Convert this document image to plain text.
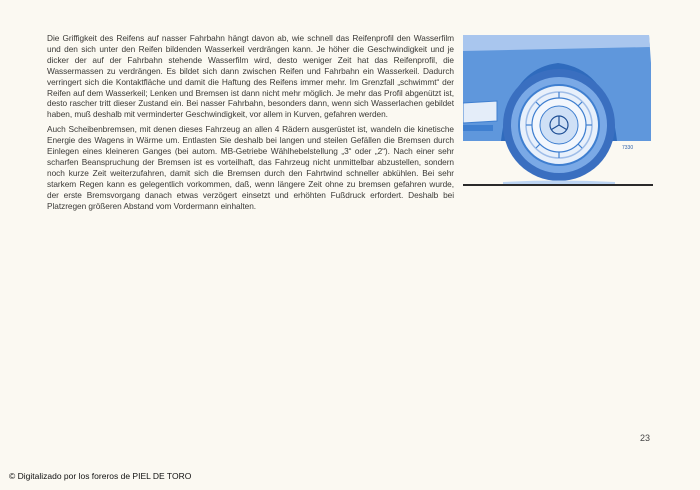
Die Griffigkeit des Reifens auf nasser Fahrbahn hängt davon ab, wie schnell das Reifenprofil den Wasserfilm und den sich unter den Reifen bildenden Wasserkeil verdrängen kann. Je höher die Geschwindigkeit und je dicker der auf der Fahrbahn stehende Wasserfilm wird, desto weniger Zeit hat das Reifenprofil, die Wassermassen zu verdrängen. Es bildet sich dann zwischen Reifen und Fahrbahn ein Wasserkeil. Dadurch verringert sich die Kontaktfläche und damit die Haftung des Reifens immer mehr. Im Grenzfall „schwimmt“ der Reifen auf dem Wasserkeil; Lenken und Bremsen ist dann nicht mehr möglich. Je mehr das Profil abgenützt ist, desto rascher tritt dieser Zustand ein. Bei nasser Fahrbahn, besonders dann, wenn sich Wasserlachen gebildet haben, muß deshalb mit verminderter Geschwindigkeit, vor allem in Kurven, gefahren werden.

Auch Scheibenbremsen, mit denen dieses Fahrzeug an allen 4 Rädern ausgerüstet ist, wandeln die kinetische Energie des Wagens in Wärme um. Entlasten Sie deshalb bei langen und steilen Gefällen die Bremsen durch Einlegen eines kleineren Ganges (bei autom. MB-Getriebe Wählhebelstellung „3“ oder „2“). Nach einer sehr scharfen Beanspruchung der Bremsen ist es vorteilhaft, das Fahrzeug nicht unmittelbar abzustellen, sondern noch kurze Zeit weiterzufahren, damit sich die Bremsen durch den Fahrtwind schneller abkühlen. Bei sehr starkem Regen kann es gelegentlich vorkommen, daß, wenn längere Zeit ohne zu bremsen gefahren wurde, der erste Bremsvorgang danach etwas verzögert einsetzt und erhöhten Fußdruck erfordert. Deshalb bei Platzregen größeren Abstand vom Vordermann einhalten.

7330
23
© Digitalizado por los foreros de PIEL DE TORO
